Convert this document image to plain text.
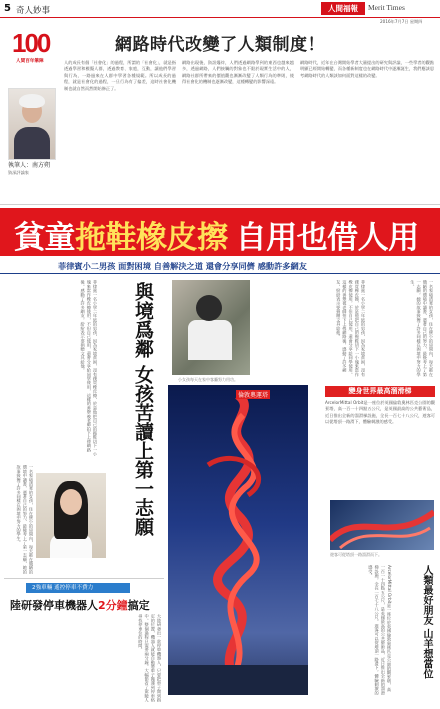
5 奇人妙事	人間福報	Merit Times
2016年7月7日 星期四
100
人間百年筆陣
網路時代改變了人類制度！
執筆人：南方朔
資深評論家
人的成長有個「社會化」的過程，所謂的「社會化」，就是指透過學習和模擬人群，透過教育、家庭，互動，讓他們學習與行為，一路過來在人群中學習各種規範。所以成長的過程，就是社會化的過程，一旦行為有了偏差，這時社會化機制也就自然而然開始修正了。
網路出現後，資訊爆炸，人們透過網路學到的東西也越來越多，透過網路，人們接觸的對象也不限於現實生活中的人，網路社群所帶來的價值觀也漸漸改變了人類行為的準則，使得社會化的機制也逐漸改變，這種轉變的影響深遠。
網路時代，近年在台灣開始學者大量提出的研究與評論，一些學者的觀點明顯已經開始轉變，而各種新制度也在網路時代中逐漸誕生，我們應該思考網路時代的人類該如何面對這樣的改變。
貧童拖鞋橡皮擦 自用也借人用
菲律賓小二男孩 面對困境 自善解決之道 還會分享同儕 感動許多網友
菲律賓一名小學二年級的男孩，因為家境貧困，沒有錢買橡皮擦，於是他把自己的拖鞋切下一小塊來當作橡皮擦使用，不但自己使用，還會分享給同學使用，這樣的善舉被老師拍下上傳網路後，感動了許多網友，紛紛表示要捐贈文具給他。	與境爲鄰 女孩苦讀上第一志願
一名家境清寒的女孩，住在狹小的房間內，每天都在簡陋的環境中讀書，憑著自己的努力，最後考上了第一志願，她的故事鼓舞了許多同樣在困境中努力的學生。
小女孩每天在家中客廳努力用功。
菲律賓一名小學二年級的男孩，因為家境貧困，沒有錢買橡皮擦，於是他把自己的拖鞋切下一小塊來當作橡皮擦使用，不但自己使用，還會分享給同學使用，這樣的善舉被老師拍下上傳網路後，感動了許多網友，紛紛表示要捐贈文具給他。	一名家境清寒的女孩，住在狹小的房間內，每天都在簡陋的環境中讀書，憑著自己的努力，最後考上了第一志願，她的故事鼓舞了許多同樣在困境中努力的學生。
倫敦奧運塔
變身世界最高溜滑梯
ArcelorMittal Orbit是一座位於英國倫敦奧林匹克公園的觀景塔，高一百一十四點五公尺，是英國最高的公共藝術品，近日推出全新的溜滑梯設施，全長一百七十八公尺，遊客可以從塔頂一路滑下，體驗刺激的感受。
遊客可從塔頂一路溜滑而下。
ArcelorMittal Orbit是一座位於英國倫敦奧林匹克公園的觀景塔，高一百一十四點五公尺，是英國最高的公共藝術品，近日推出全新的溜滑梯設施，全長一百七十八公尺，遊客可以從塔頂一路滑下，體驗刺激的感受。	人類最好朋友 山羊想當位
2強車輛 遙控停車不費力
陸研發停車機器人2分鐘搞定
大陸研發出一款停車機器人，只要把車子開到指定的位置，機器人就能自動將車子搬運到停車格中，整個過程只需要兩分鐘，大幅節省了駕駛人尋找停車位的時間。
